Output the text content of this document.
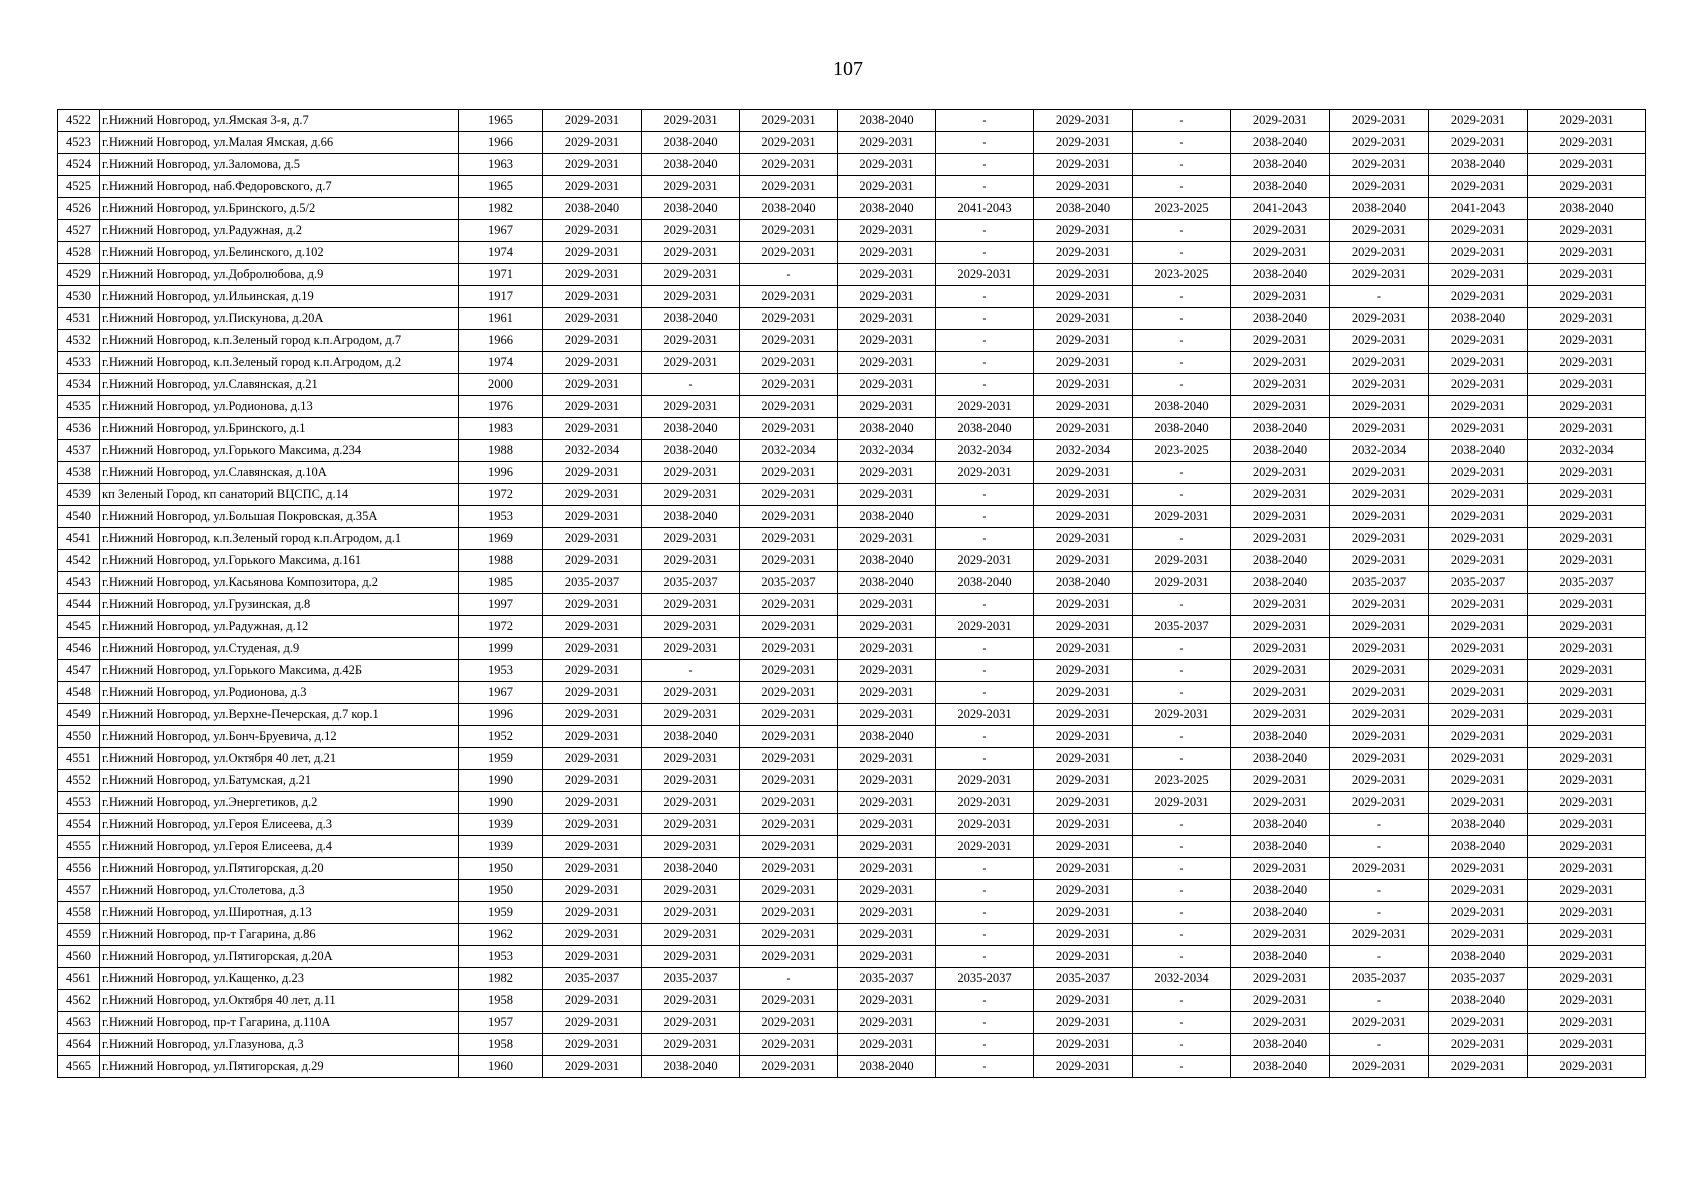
107
4522	г.Нижний Новгород, ул.Ямская 3-я, д.7	1965	2029-2031	2029-2031	2029-2031	2038-2040	-	2029-2031	-	2029-2031	2029-2031	2029-2031	2029-2031
4523	г.Нижний Новгород, ул.Малая Ямская, д.66	1966	2029-2031	2038-2040	2029-2031	2029-2031	-	2029-2031	-	2038-2040	2029-2031	2029-2031	2029-2031
4524	г.Нижний Новгород, ул.Заломова, д.5	1963	2029-2031	2038-2040	2029-2031	2029-2031	-	2029-2031	-	2038-2040	2029-2031	2038-2040	2029-2031
4525	г.Нижний Новгород, наб.Федоровского, д.7	1965	2029-2031	2029-2031	2029-2031	2029-2031	-	2029-2031	-	2038-2040	2029-2031	2029-2031	2029-2031
4526	г.Нижний Новгород, ул.Бринского, д.5/2	1982	2038-2040	2038-2040	2038-2040	2038-2040	2041-2043	2038-2040	2023-2025	2041-2043	2038-2040	2041-2043	2038-2040
4527	г.Нижний Новгород, ул.Радужная, д.2	1967	2029-2031	2029-2031	2029-2031	2029-2031	-	2029-2031	-	2029-2031	2029-2031	2029-2031	2029-2031
4528	г.Нижний Новгород, ул.Белинского, д.102	1974	2029-2031	2029-2031	2029-2031	2029-2031	-	2029-2031	-	2029-2031	2029-2031	2029-2031	2029-2031
4529	г.Нижний Новгород, ул.Добролюбова, д.9	1971	2029-2031	2029-2031	-	2029-2031	2029-2031	2029-2031	2023-2025	2038-2040	2029-2031	2029-2031	2029-2031
4530	г.Нижний Новгород, ул.Ильинская, д.19	1917	2029-2031	2029-2031	2029-2031	2029-2031	-	2029-2031	-	2029-2031	-	2029-2031	2029-2031
4531	г.Нижний Новгород, ул.Пискунова, д.20А	1961	2029-2031	2038-2040	2029-2031	2029-2031	-	2029-2031	-	2038-2040	2029-2031	2038-2040	2029-2031
4532	г.Нижний Новгород, к.п.Зеленый город к.п.Агродом, д.7	1966	2029-2031	2029-2031	2029-2031	2029-2031	-	2029-2031	-	2029-2031	2029-2031	2029-2031	2029-2031
4533	г.Нижний Новгород, к.п.Зеленый город к.п.Агродом, д.2	1974	2029-2031	2029-2031	2029-2031	2029-2031	-	2029-2031	-	2029-2031	2029-2031	2029-2031	2029-2031
4534	г.Нижний Новгород, ул.Славянская, д.21	2000	2029-2031	-	2029-2031	2029-2031	-	2029-2031	-	2029-2031	2029-2031	2029-2031	2029-2031
4535	г.Нижний Новгород, ул.Родионова, д.13	1976	2029-2031	2029-2031	2029-2031	2029-2031	2029-2031	2029-2031	2038-2040	2029-2031	2029-2031	2029-2031	2029-2031
4536	г.Нижний Новгород, ул.Бринского, д.1	1983	2029-2031	2038-2040	2029-2031	2038-2040	2038-2040	2029-2031	2038-2040	2038-2040	2029-2031	2029-2031	2029-2031
4537	г.Нижний Новгород, ул.Горького Максима, д.234	1988	2032-2034	2038-2040	2032-2034	2032-2034	2032-2034	2032-2034	2023-2025	2038-2040	2032-2034	2038-2040	2032-2034
4538	г.Нижний Новгород, ул.Славянская, д.10А	1996	2029-2031	2029-2031	2029-2031	2029-2031	2029-2031	2029-2031	-	2029-2031	2029-2031	2029-2031	2029-2031
4539	кп Зеленый Город, кп санаторий ВЦСПС, д.14	1972	2029-2031	2029-2031	2029-2031	2029-2031	-	2029-2031	-	2029-2031	2029-2031	2029-2031	2029-2031
4540	г.Нижний Новгород, ул.Большая Покровская, д.35А	1953	2029-2031	2038-2040	2029-2031	2038-2040	-	2029-2031	2029-2031	2029-2031	2029-2031	2029-2031	2029-2031
4541	г.Нижний Новгород, к.п.Зеленый город к.п.Агродом, д.1	1969	2029-2031	2029-2031	2029-2031	2029-2031	-	2029-2031	-	2029-2031	2029-2031	2029-2031	2029-2031
4542	г.Нижний Новгород, ул.Горького Максима, д.161	1988	2029-2031	2029-2031	2029-2031	2038-2040	2029-2031	2029-2031	2029-2031	2038-2040	2029-2031	2029-2031	2029-2031
4543	г.Нижний Новгород, ул.Касьянова Композитора, д.2	1985	2035-2037	2035-2037	2035-2037	2038-2040	2038-2040	2038-2040	2029-2031	2038-2040	2035-2037	2035-2037	2035-2037
4544	г.Нижний Новгород, ул.Грузинская, д.8	1997	2029-2031	2029-2031	2029-2031	2029-2031	-	2029-2031	-	2029-2031	2029-2031	2029-2031	2029-2031
4545	г.Нижний Новгород, ул.Радужная, д.12	1972	2029-2031	2029-2031	2029-2031	2029-2031	2029-2031	2029-2031	2035-2037	2029-2031	2029-2031	2029-2031	2029-2031
4546	г.Нижний Новгород, ул.Студеная, д.9	1999	2029-2031	2029-2031	2029-2031	2029-2031	-	2029-2031	-	2029-2031	2029-2031	2029-2031	2029-2031
4547	г.Нижний Новгород, ул.Горького Максима, д.42Б	1953	2029-2031	-	2029-2031	2029-2031	-	2029-2031	-	2029-2031	2029-2031	2029-2031	2029-2031
4548	г.Нижний Новгород, ул.Родионова, д.3	1967	2029-2031	2029-2031	2029-2031	2029-2031	-	2029-2031	-	2029-2031	2029-2031	2029-2031	2029-2031
4549	г.Нижний Новгород, ул.Верхне-Печерская, д.7 кор.1	1996	2029-2031	2029-2031	2029-2031	2029-2031	2029-2031	2029-2031	2029-2031	2029-2031	2029-2031	2029-2031	2029-2031
4550	г.Нижний Новгород, ул.Бонч-Бруевича, д.12	1952	2029-2031	2038-2040	2029-2031	2038-2040	-	2029-2031	-	2038-2040	2029-2031	2029-2031	2029-2031
4551	г.Нижний Новгород, ул.Октября 40 лет, д.21	1959	2029-2031	2029-2031	2029-2031	2029-2031	-	2029-2031	-	2038-2040	2029-2031	2029-2031	2029-2031
4552	г.Нижний Новгород, ул.Батумская, д.21	1990	2029-2031	2029-2031	2029-2031	2029-2031	2029-2031	2029-2031	2023-2025	2029-2031	2029-2031	2029-2031	2029-2031
4553	г.Нижний Новгород, ул.Энергетиков, д.2	1990	2029-2031	2029-2031	2029-2031	2029-2031	2029-2031	2029-2031	2029-2031	2029-2031	2029-2031	2029-2031	2029-2031
4554	г.Нижний Новгород, ул.Героя Елисеева, д.3	1939	2029-2031	2029-2031	2029-2031	2029-2031	2029-2031	2029-2031	-	2038-2040	-	2038-2040	2029-2031
4555	г.Нижний Новгород, ул.Героя Елисеева, д.4	1939	2029-2031	2029-2031	2029-2031	2029-2031	2029-2031	2029-2031	-	2038-2040	-	2038-2040	2029-2031
4556	г.Нижний Новгород, ул.Пятигорская, д.20	1950	2029-2031	2038-2040	2029-2031	2029-2031	-	2029-2031	-	2029-2031	2029-2031	2029-2031	2029-2031
4557	г.Нижний Новгород, ул.Столетова, д.3	1950	2029-2031	2029-2031	2029-2031	2029-2031	-	2029-2031	-	2038-2040	-	2029-2031	2029-2031
4558	г.Нижний Новгород, ул.Широтная, д.13	1959	2029-2031	2029-2031	2029-2031	2029-2031	-	2029-2031	-	2038-2040	-	2029-2031	2029-2031
4559	г.Нижний Новгород, пр-т Гагарина, д.86	1962	2029-2031	2029-2031	2029-2031	2029-2031	-	2029-2031	-	2029-2031	2029-2031	2029-2031	2029-2031
4560	г.Нижний Новгород, ул.Пятигорская, д.20А	1953	2029-2031	2029-2031	2029-2031	2029-2031	-	2029-2031	-	2038-2040	-	2038-2040	2029-2031
4561	г.Нижний Новгород, ул.Кащенко, д.23	1982	2035-2037	2035-2037	-	2035-2037	2035-2037	2035-2037	2032-2034	2029-2031	2035-2037	2035-2037	2029-2031
4562	г.Нижний Новгород, ул.Октября 40 лет, д.11	1958	2029-2031	2029-2031	2029-2031	2029-2031	-	2029-2031	-	2029-2031	-	2038-2040	2029-2031
4563	г.Нижний Новгород, пр-т Гагарина, д.110А	1957	2029-2031	2029-2031	2029-2031	2029-2031	-	2029-2031	-	2029-2031	2029-2031	2029-2031	2029-2031
4564	г.Нижний Новгород, ул.Глазунова, д.3	1958	2029-2031	2029-2031	2029-2031	2029-2031	-	2029-2031	-	2038-2040	-	2029-2031	2029-2031
4565	г.Нижний Новгород, ул.Пятигорская, д.29	1960	2029-2031	2038-2040	2029-2031	2038-2040	-	2029-2031	-	2038-2040	2029-2031	2029-2031	2029-2031
